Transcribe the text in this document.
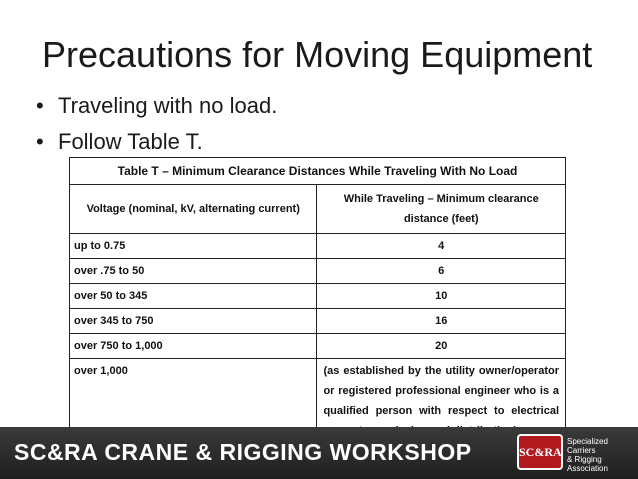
Precautions for Moving Equipment
• Traveling with no load.
• Follow Table T.
Table T – Minimum Clearance Distances While Traveling With No Load	
Voltage (nominal, kV, alternating current)	While Traveling – Minimum clearance distance (feet)
up to 0.75	4
over .75 to 50	6
over 50 to 345	10
over 345 to 750	16
over 750 to 1,000	20
over 1,000	(as established by the utility owner/operator or registered professional engineer who is a qualified person with respect to electrical
SC&RA CRANE & RIGGING WORKSHOP	SC&RA
Specialized
Carriers
& Rigging
Association
